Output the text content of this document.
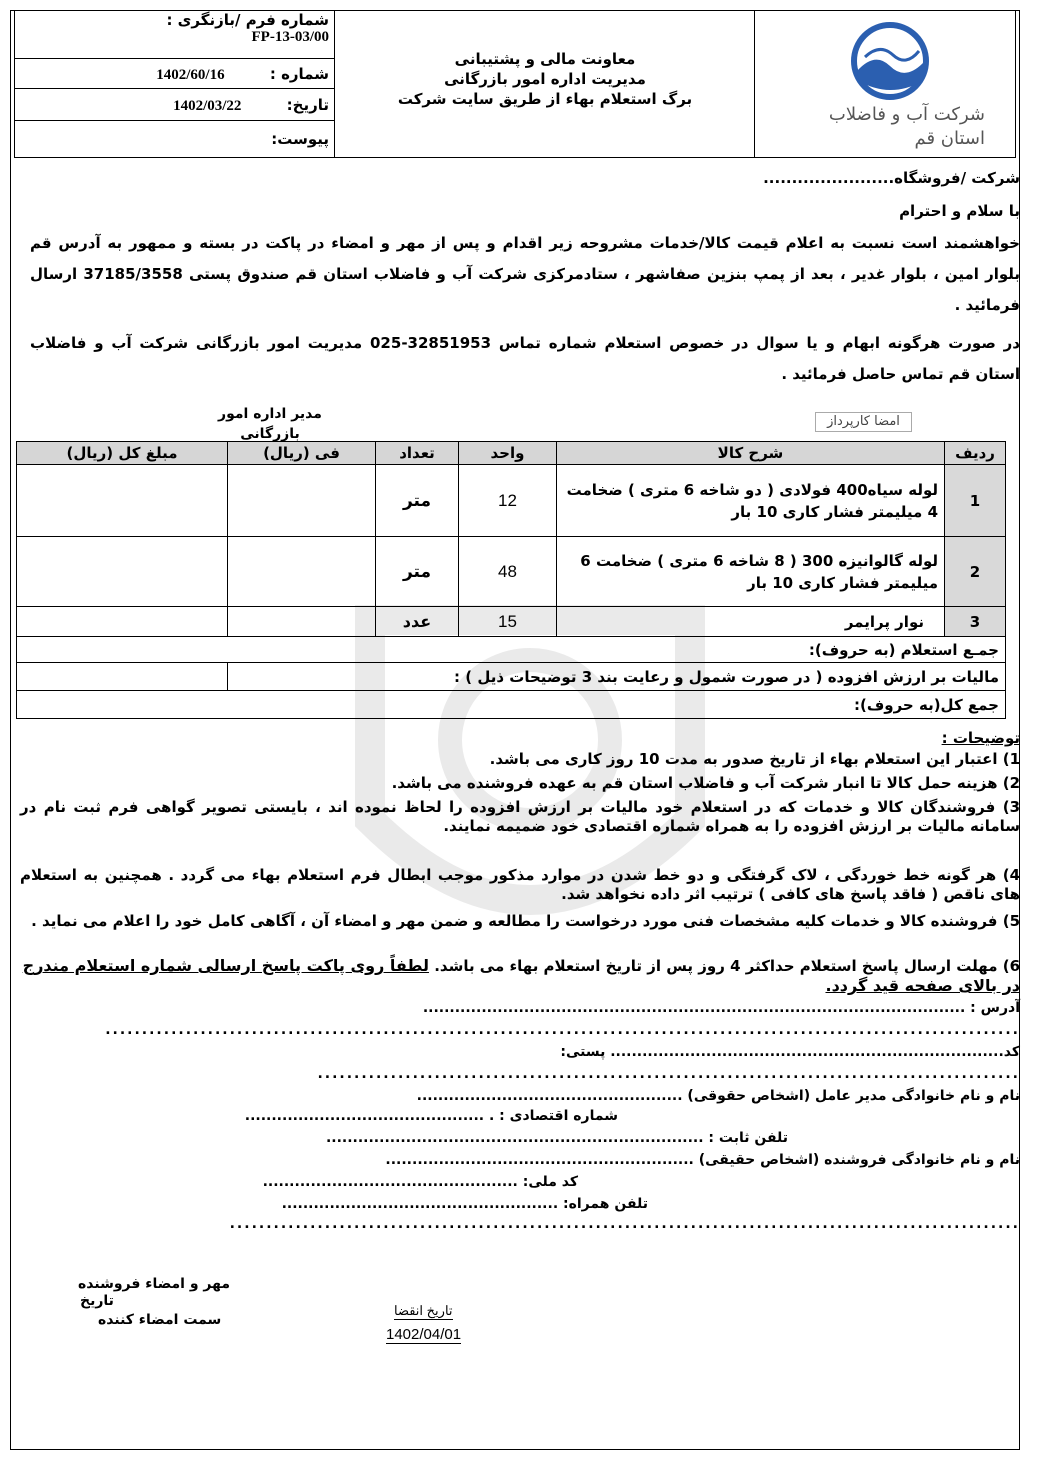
شرکت آب و فاضلاب
استان قم
معاونت مالی و پشتیبانی
مدیریت اداره امور بازرگانی
برگ استعلام بهاء از طریق سایت شرکت
شماره فرم /بازنگری :
FP-13-03/00
شماره : 1402/60/16
تاریخ: 1402/03/22
پیوست:
شرکت /فروشگاه.......................
با سلام و احترام
خواهشمند است نسبت به اعلام قیمت کالا/خدمات مشروحه زیر اقدام و پس از مهر و امضاء در پاکت در بسته و ممهور به آدرس قم بلوار امین ، بلوار غدیر ، بعد از پمپ بنزین صفاشهر ، ستادمرکزی شرکت آب و فاضلاب استان قم صندوق پستی 37185/3558 ارسال فرمائید .
در صورت هرگونه ابهام و یا سوال در خصوص استعلام شماره تماس 32851953-025 مدیریت امور بازرگانی شرکت آب و فاضلاب استان قم تماس حاصل فرمائید .
مدیر اداره امور بازرگانی
امضا کارپرداز
ردیف	شرح کالا	واحد	تعداد	فی (ریال)	مبلغ کل (ریال)
1	لوله سیاه400 فولادی ( دو شاخه 6 متری ) ضخامت 4 میلیمتر فشار کاری 10 بار	12	متر		
2	لوله گالوانیزه 300 ( 8 شاخه 6 متری ) ضخامت 6 میلیمتر فشار کاری 10 بار	48	متر		
3	نوار پرایمر	15	عدد		
جمـع استعلام (به حروف):					
مالیات بر ارزش افزوده ( در صورت شمول و رعایت بند 3 توضیحات ذیل ) :					
جمع کل(به حروف):					
توضیحات :
1) اعتبار این استعلام بهاء از تاریخ صدور به مدت 10 روز کاری می باشد.
2) هزینه حمل کالا تا انبار شرکت آب و فاضلاب استان قم به عهده فروشنده می باشد.
3) فروشندگان کالا و خدمات که در استعلام خود مالیات بر ارزش افزوده را لحاظ نموده اند ، بایستی تصویر گواهی فرم ثبت نام در سامانه مالیات بر ارزش افزوده را به همراه شماره اقتصادی خود ضمیمه نمایند.
4) هر گونه خط خوردگی ، لاک گرفتگی و دو خط شدن در موارد مذکور موجب ابطال فرم استعلام بهاء می گردد . همچنین به استعلام های ناقص ( فاقد پاسخ های کافی ) ترتیب اثر داده نخواهد شد.
5) فروشنده کالا و خدمات کلیه مشخصات فنی مورد درخواست را مطالعه و ضمن مهر و امضاء آن ، آگاهی کامل خود را اعلام می نماید .
6) مهلت ارسال پاسخ استعلام حداکثر 4 روز پس از تاریخ استعلام بهاء می باشد. لطفاً روی پاکت پاسخ ارسالی شماره استعلام مندرج در بالای صفحه قید گردد.
آدرس : ......................................................................................................
.............................................................................................................................
کد.......................................................................... پستی:
................................................................................................
نام و نام خانوادگی مدیر عامل (اشخاص حقوقی) ..................................................
شماره اقتصادی : . .............................................
تلفن ثابت : .......................................................................
نام و نام خانوادگی فروشنده (اشخاص حقیقی) ..........................................................
کد ملی: ................................................
تلفن همراه: ....................................................
............................................................................................................
مهر و امضاء فروشنده
تاریخ
سمت امضاء کننده
تاریخ انقضا
1402/04/01
